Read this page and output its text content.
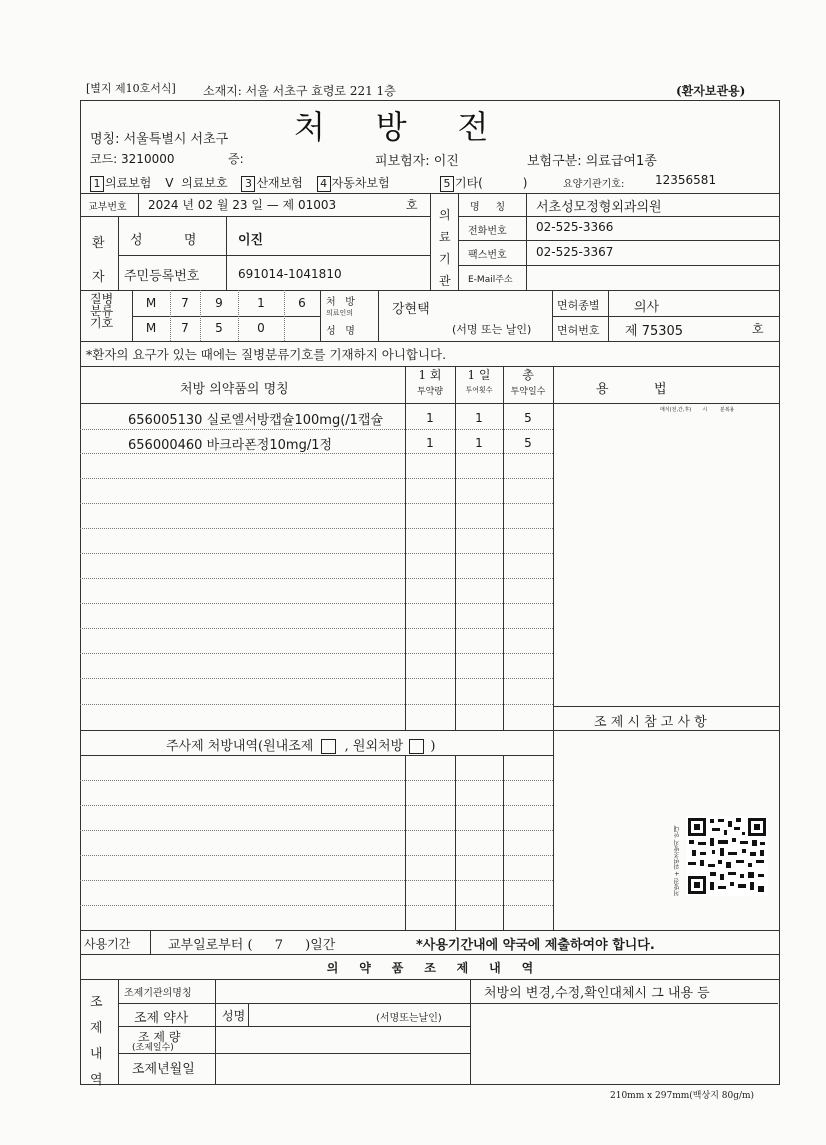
[별지 제10호서식] 소재지: 서울 서초구 효령로 221 1층	(환자보관용)
처     방     전
명칭: 서울특별시 서초구
코드: 3210000	증:	피보험자: 이진	보험구분: 의료급여1종
1 의료보험 V 의료보호 3 산재보험 4 자동차보험	5 기타(	)	요양기관기호:	12356581
교부번호 2024 년 02 월 23 일 — 제 01003	호
환
자
성          명	이진
주민등록번호	691014-1041810
의
료
기
관
명     칭 서초성모정형외과의원
전화번호 02-525-3366
팩스번호 02-525-3367
E-Mail주소
질병
분류
기호
M	7	9	1	6
M	7	5	0
처   방
의료인의
성   명
강현택
(서명 또는 날인)
면허종별	의사
면허번호 제 75305	호
*환자의 요구가 있는 때에는 질병분류기호를 기재하지 아니합니다.
처방 의약품의 명칭
1 회
투약량
1 일
투여횟수
총
투약일수	용           법
매식(전,간,후)       시        분복용
656005130 실로엘서방캡슐100mg(/1캡슐	1	1	5
656000460 바크라폰정10mg/1정	1	1	5
조 제 시 참 고 사 항
주사제 처방내역(원내조제 , 원외처방 )
처방전 + 위변조방지 안내
사용기간	교부일로부터 ( 7 )일간	*사용기간내에 약국에 제출하여야 합니다.
의     약     품     조     제     내     역
조
제
내
역
조제기관의명칭	처방의 변경,수정,확인대체시 그 내용 등
조제 약사	성명	(서명또는날인)
조 제 량
(조제일수)
조제년월일
210mm x 297mm(백상지 80g/m)
